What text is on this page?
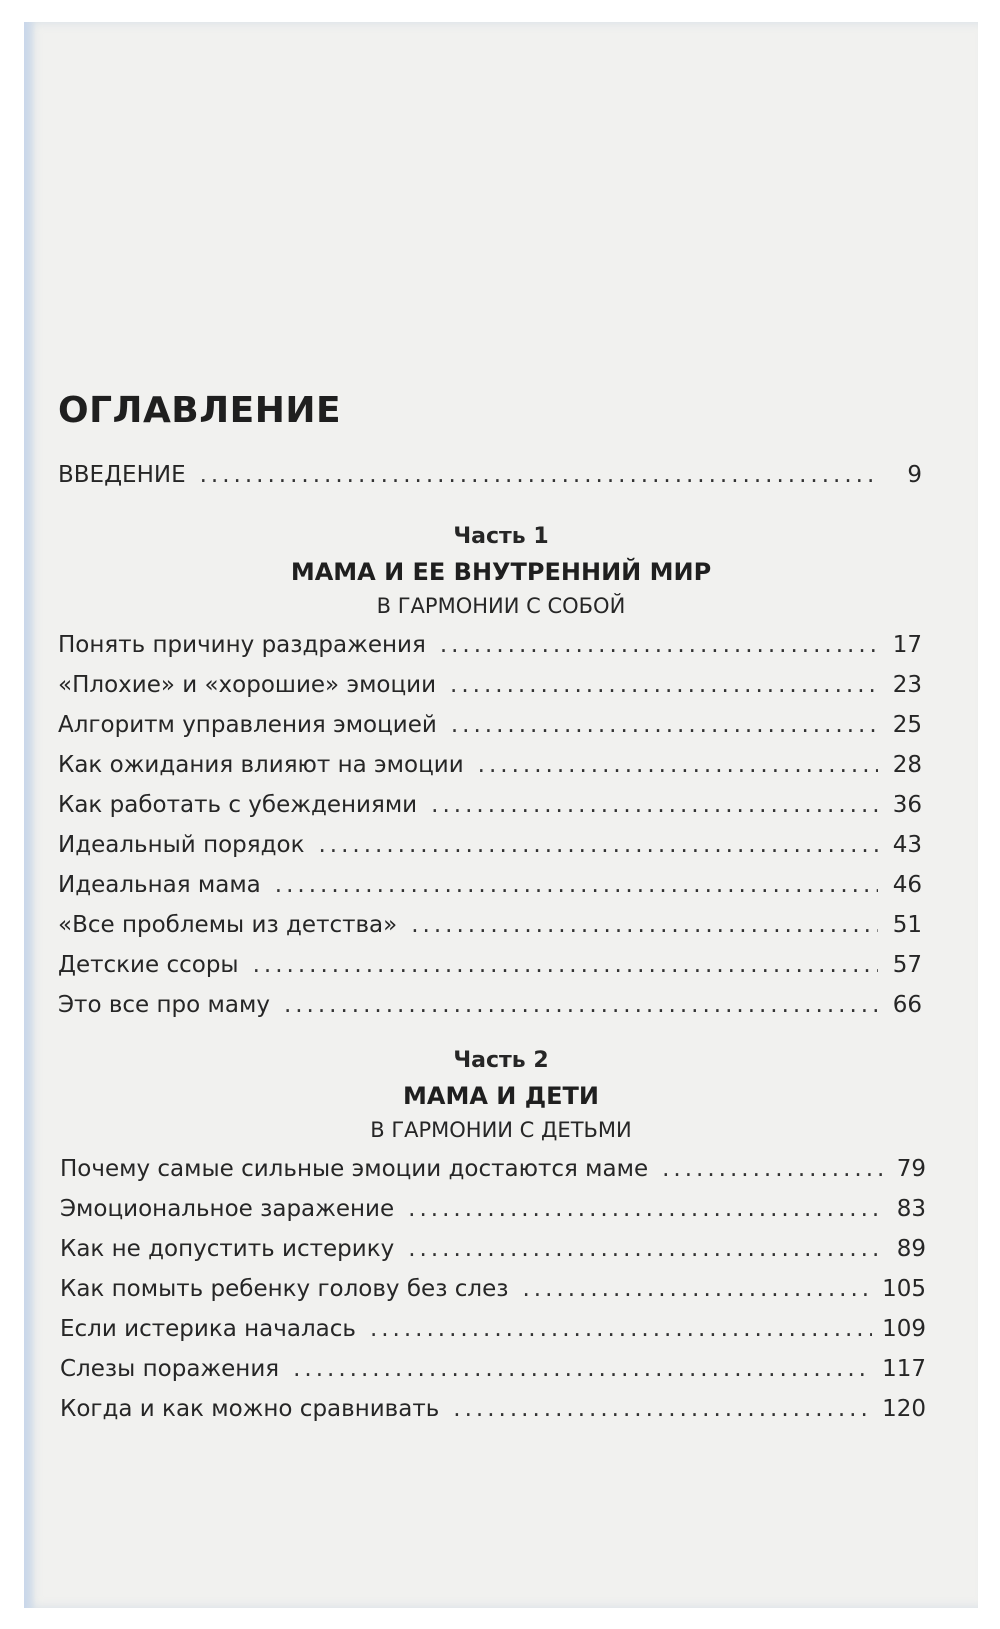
ОГЛАВЛЕНИЕ
ВВЕДЕНИЕ .....	9
Часть 1
МАМА И ЕЕ ВНУТРЕННИЙ МИР
В ГАРМОНИИ С СОБОЙ
Понять причину раздражения .....	17
«Плохие» и «хорошие» эмоции .....	23
Алгоритм управления эмоцией .....	25
Как ожидания влияют на эмоции .....	28
Как работать с убеждениями .....	36
Идеальный порядок .....	43
Идеальная мама .....	46
«Все проблемы из детства» .....	51
Детские ссоры .....	57
Это все про маму .....	66
Часть 2
МАМА И ДЕТИ
В ГАРМОНИИ С ДЕТЬМИ
Почему самые сильные эмоции достаются маме .....	79
Эмоциональное заражение .....	83
Как не допустить истерику .....	89
Как помыть ребенку голову без слез .....	105
Если истерика началась .....	109
Слезы поражения .....	117
Когда и как можно сравнивать .....	120
